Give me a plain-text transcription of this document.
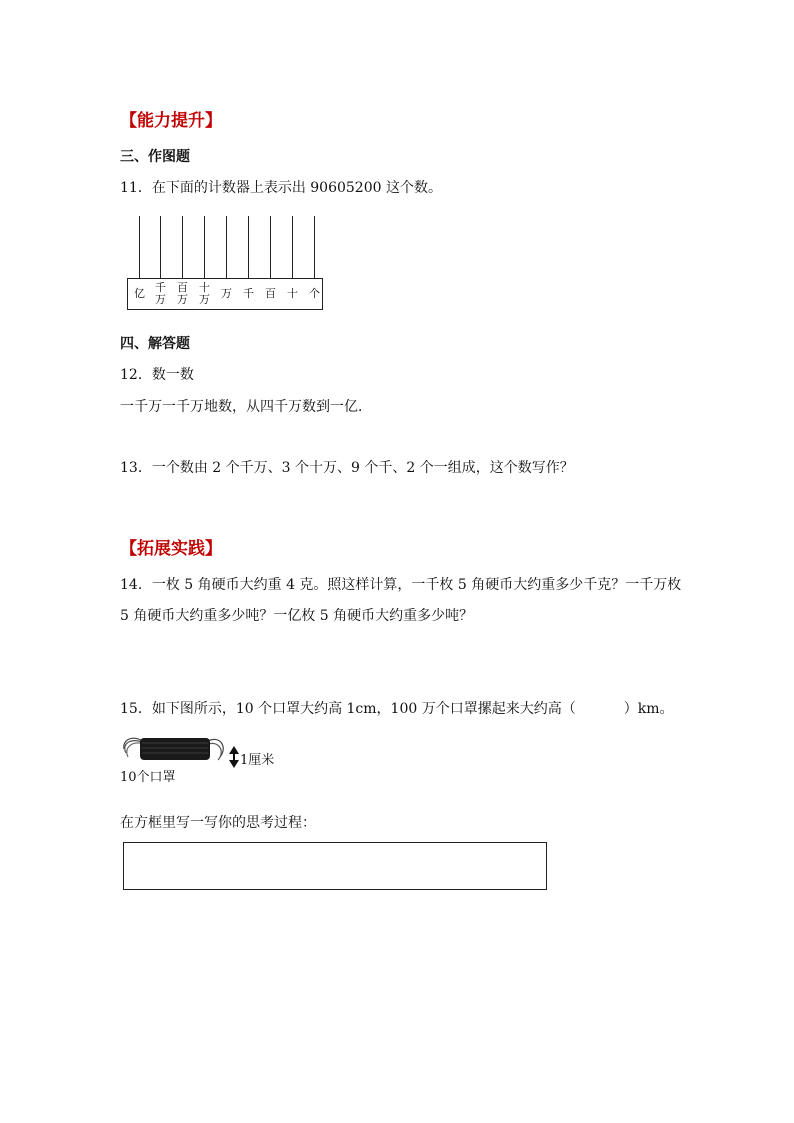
【能力提升】
三、作图题
11．在下面的计数器上表示出 90605200 这个数。
亿 千
万
百
万
十
万 万 千 百 十 个
四、解答题
12．数一数
一千万一千万地数，从四千万数到一亿．
13．一个数由 2 个千万、3 个十万、9 个千、2 个一组成，这个数写作？
【拓展实践】
14．一枚 5 角硬币大约重 4 克。照这样计算，一千枚 5 角硬币大约重多少千克？一千万枚
5 角硬币大约重多少吨？一亿枚 5 角硬币大约重多少吨？
15．如下图所示，10 个口罩大约高 1cm，100 万个口罩摞起来大约高（	）km。
10个口罩
1厘米
在方框里写一写你的思考过程：
